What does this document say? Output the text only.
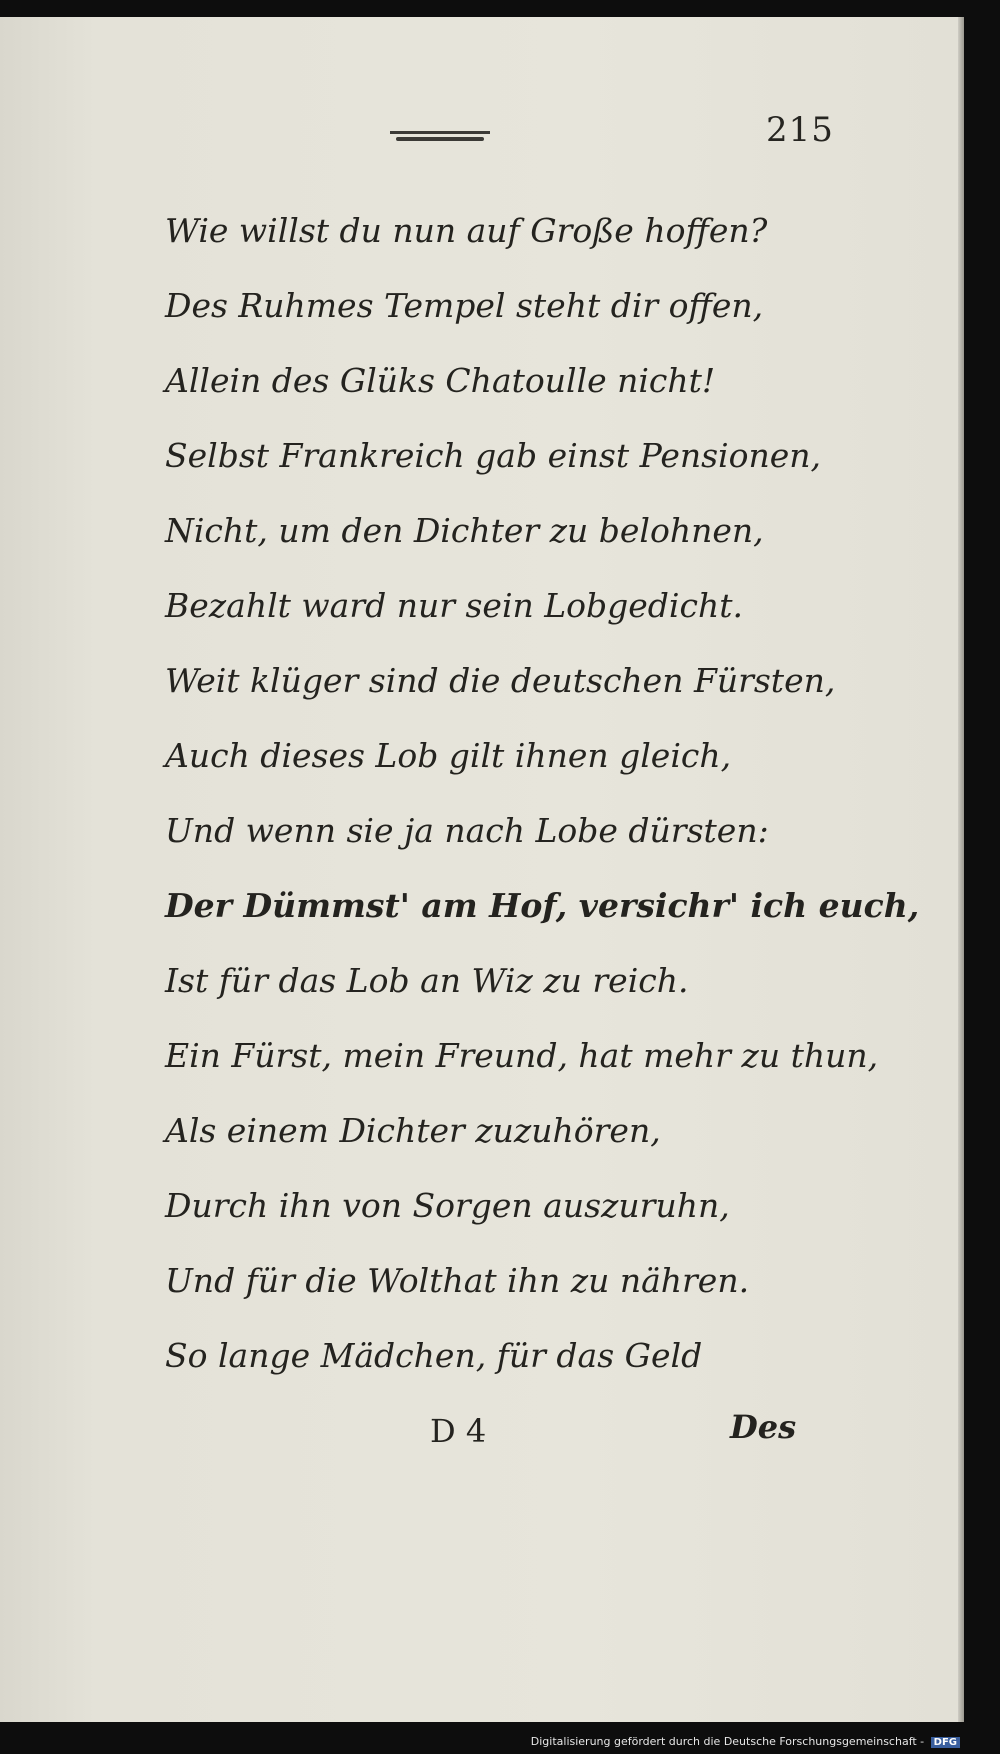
215
Wie willst du nun auf Große hoffen?
Des Ruhmes Tempel steht dir offen,
Allein des Glüks Chatoulle nicht!
Selbst Frankreich gab einst Pensionen,
Nicht, um den Dichter zu belohnen,
Bezahlt ward nur sein Lobgedicht.
Weit klüger sind die deutschen Fürsten,
Auch dieses Lob gilt ihnen gleich,
Und wenn sie ja nach Lobe dürsten:
Der Dümmst' am Hof, versichr' ich euch,
Ist für das Lob an Wiz zu reich.
Ein Fürst, mein Freund, hat mehr zu thun,
Als einem Dichter zuzuhören,
Durch ihn von Sorgen auszuruhn,
Und für die Wolthat ihn zu nähren.
So lange Mädchen, für das Geld
D 4	Des
Digitalisierung gefördert durch die Deutsche Forschungsgemeinschaft - DFG
